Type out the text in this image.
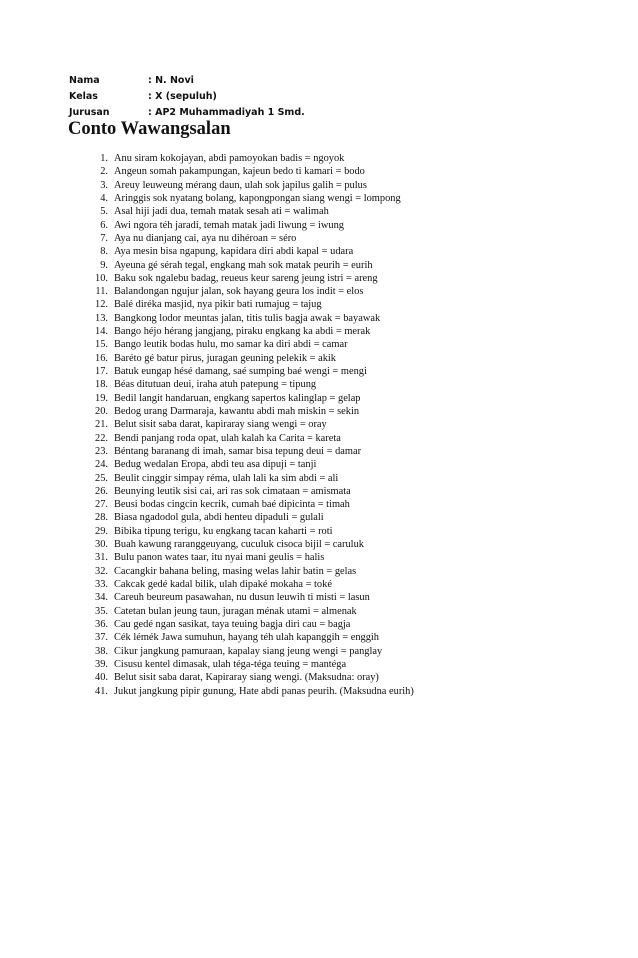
Nama	: N. Novi
Kelas	: X (sepuluh)
Jurusan	: AP2 Muhammadiyah 1 Smd.
Conto Wawangsalan
1. Anu siram kokojayan, abdi pamoyokan badis = ngoyok
2. Angeun somah pakampungan, kajeun bedo ti kamari = bodo
3. Areuy leuweung mérang daun, ulah sok japilus galih = pulus
4. Aringgis sok nyatang bolang, kapongpongan siang wengi = lompong
5. Asal hiji jadi dua, temah matak sesah ati = walimah
6. Awi ngora téh jaradi, temah matak jadi liwung = iwung
7. Aya nu dianjang cai, aya nu dihéroan = séro
8. Aya mesin bisa ngapung, kapidara diri abdi kapal = udara
9. Ayeuna gé sérah tegal, engkang mah sok matak peurih = eurih
10. Baku sok ngalebu badag, reueus keur sareng jeung istri = areng
11. Balandongan ngujur jalan, sok hayang geura los indit = elos
12. Balé diréka masjid, nya pikir bati rumajug = tajug
13. Bangkong lodor meuntas jalan, titis tulis bagja awak = bayawak
14. Bango héjo hérang jangjang, piraku engkang ka abdi = merak
15. Bango leutik bodas hulu, mo samar ka diri abdi = camar
16. Baréto gé batur pirus, juragan geuning pelekik = akik
17. Batuk eungap hésé damang, saé sumping baé wengi = mengi
18. Béas ditutuan deui, iraha atuh patepung = tipung
19. Bedil langit handaruan, engkang sapertos kalinglap = gelap
20. Bedog urang Darmaraja, kawantu abdi mah miskin = sekin
21. Belut sisit saba darat, kapiraray siang wengi = oray
22. Bendi panjang roda opat, ulah kalah ka Carita = kareta
23. Béntang baranang di imah, samar bisa tepung deui = damar
24. Bedug wedalan Eropa, abdi teu asa dipuji = tanji
25. Beulit cinggir simpay réma, ulah lali ka sim abdi = ali
26. Beunying leutik sisi cai, ari ras sok cimataan = amismata
27. Beusi bodas cingcin kecrik, cumah baé dipicinta = timah
28. Biasa ngadodol gula, abdi henteu dipaduli = gulali
29. Bibika tipung terigu, ku engkang tacan kaharti = roti
30. Buah kawung raranggeuyang, cuculuk cisoca bijil = caruluk
31. Bulu panon wates taar, itu nyai mani geulis = halis
32. Cacangkir bahana beling, masing welas lahir batin = gelas
33. Cakcak gedé kadal bilik, ulah dipaké mokaha = toké
34. Careuh beureum pasawahan, nu dusun leuwih ti misti = lasun
35. Catetan bulan jeung taun, juragan ménak utami = almenak
36. Cau gedé ngan sasikat, taya teuing bagja diri cau = bagja
37. Cék lémék Jawa sumuhun, hayang téh ulah kapanggih = enggih
38. Cikur jangkung pamuraan, kapalay siang jeung wengi = panglay
39. Cisusu kentel dimasak, ulah téga-téga teuing = mantéga
40. Belut sisit saba darat, Kapiraray siang wengi. (Maksudna: oray)
41. Jukut jangkung pipir gunung, Hate abdi panas peurih. (Maksudna eurih)
